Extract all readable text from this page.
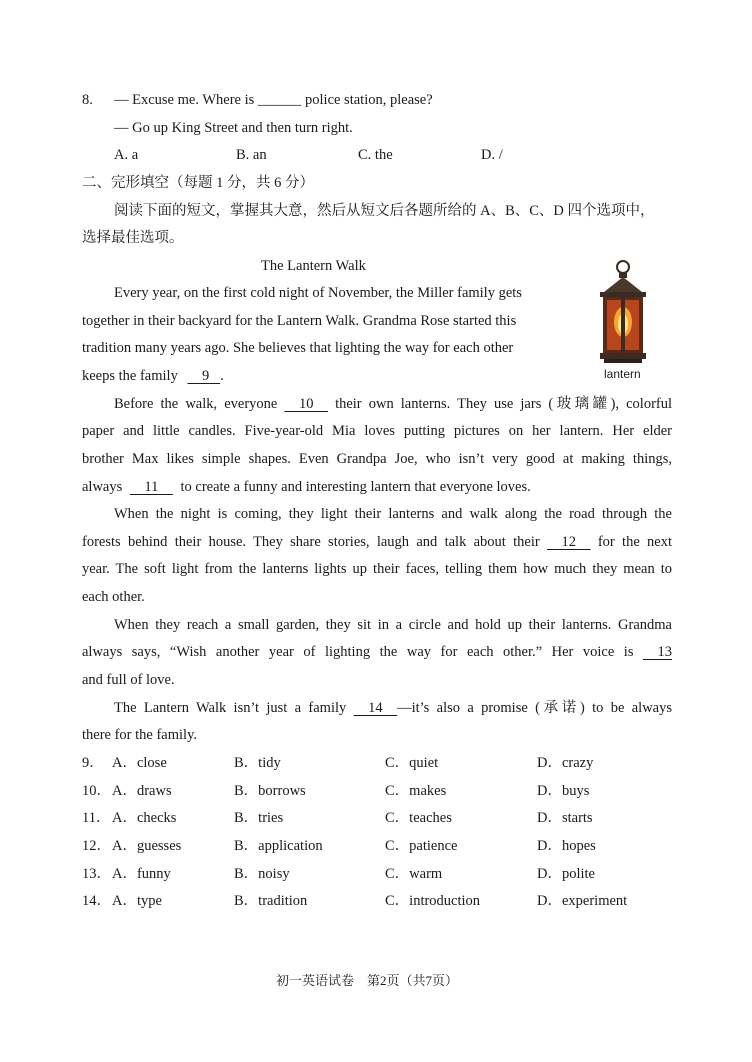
8. — Excuse me. Where is ______ police station, please?
— Go up King Street and then turn right.
A. a	B. an	C. the	D. /
二、完形填空（每题 1 分，共 6 分）
阅读下面的短文，掌握其大意，然后从短文后各题所给的 A、B、C、D 四个选项中，
选择最佳选项。
The Lantern Walk
lantern
Every year, on the first cold night of November, the Miller family gets
together in their backyard for the Lantern Walk. Grandma Rose started this
tradition many years ago. She believes that lighting the way for each other
keeps the family 9 .
Before the walk, everyone 10 their own lanterns. They use jars (玻璃罐), colorful
paper and little candles. Five-year-old Mia loves putting pictures on her lantern. Her elder
brother Max likes simple shapes. Even Grandpa Joe, who isn’t very good at making things,
always 11 to create a funny and interesting lantern that everyone loves.
When the night is coming, they light their lanterns and walk along the road through the
forests behind their house. They share stories, laugh and talk about their 12 for the next
year. The soft light from the lanterns lights up their faces, telling them how much they mean to
each other.
When they reach a small garden, they sit in a circle and hold up their lanterns. Grandma
always says, “Wish another year of lighting the way for each other.” Her voice is 13
and full of love.
The Lantern Walk isn’t just a family 14 —it’s also a promise (承诺) to be always
there for the family.
9． A．close	B．tidy	C．quiet	D．crazy
10． A．draws	B．borrows	C．makes	D．buys
11． A．checks	B．tries	C．teaches	D．starts
12． A．guesses	B．application	C．patience	D．hopes
13． A．funny	B．noisy	C．warm	D．polite
14． A．type	B．tradition	C．introduction	D．experiment
初一英语试卷　第2页（共7页）
